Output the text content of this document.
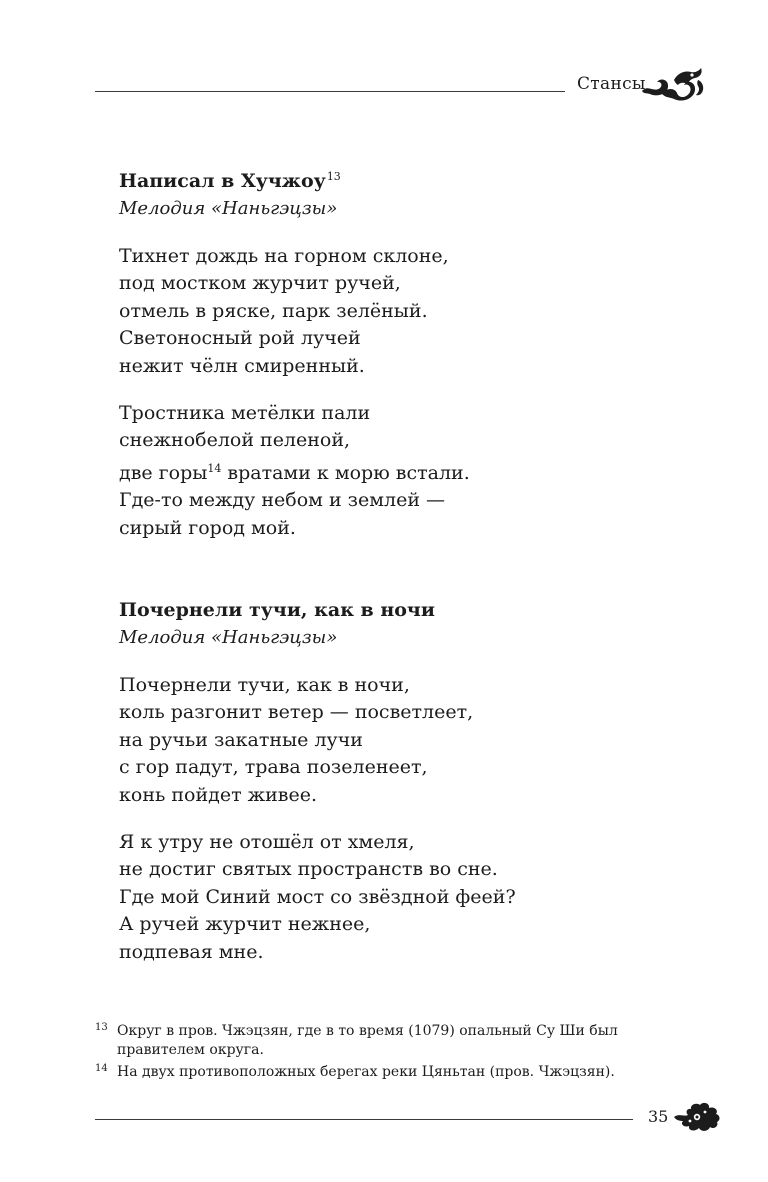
Стансы
Написал в Хучжоу$^{13}$
Мелодия «Наньгэцзы»
Тихнет дождь на горном склоне,
под мостком журчит ручей,
отмель в ряске, парк зелёный.
Светоносный рой лучей
нежит чёлн смиренный.
Тростника метёлки пали
снежнобелой пеленой,
две горы$^{14}$ вратами к морю встали.
Где-то между небом и землей —
сирый город мой.
Почернели тучи, как в ночи
Мелодия «Наньгэцзы»
Почернели тучи, как в ночи,
коль разгонит ветер — посветлеет,
на ручьи закатные лучи
с гор падут, трава позеленеет,
конь пойдет живее.
Я к утру не отошёл от хмеля,
не достиг святых пространств во сне.
Где мой Синий мост со звёздной феей?
А ручей журчит нежнее,
подпевая мне.
13 Округ в пров. Чжэцзян, где в то время (1079) опальный Су Ши был правителем округа.
14 На двух противоположных берегах реки Цяньтан (пров. Чжэцзян).
35
